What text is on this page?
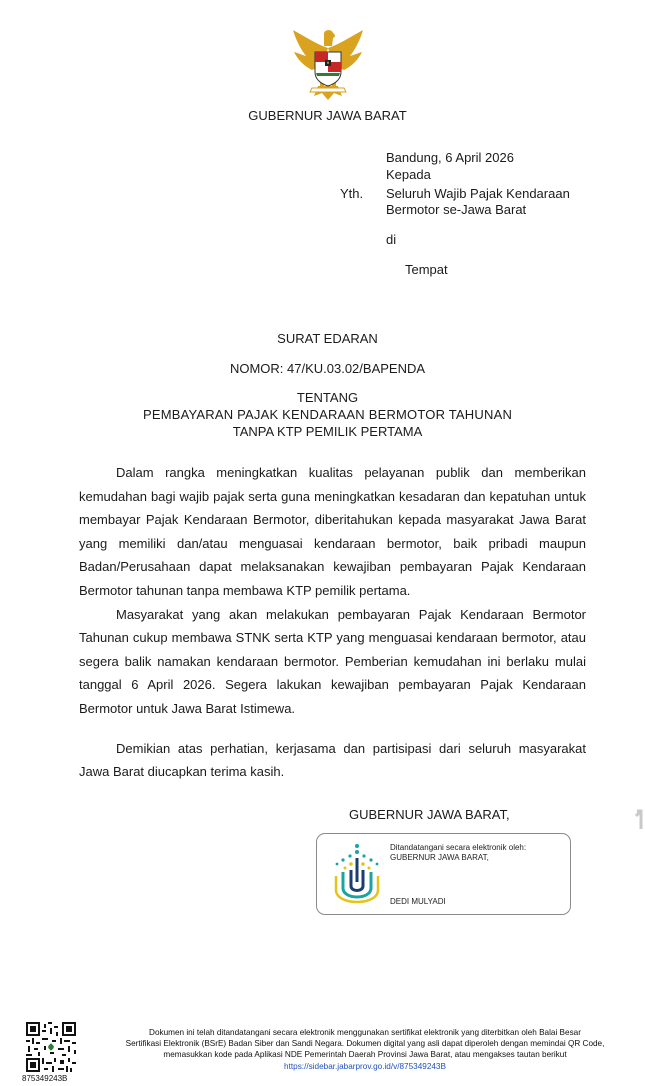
GUBERNUR JAWA BARAT
Bandung, 6 April 2026
Kepada
Yth. Seluruh Wajib Pajak Kendaraan
Bermotor se-Jawa Barat
di
Tempat
SURAT EDARAN
NOMOR: 47/KU.03.02/BAPENDA
TENTANG
PEMBAYARAN PAJAK KENDARAAN BERMOTOR TAHUNAN
TANPA KTP PEMILIK PERTAMA

Dalam rangka meningkatkan kualitas pelayanan publik dan memberikan kemudahan bagi wajib pajak serta guna meningkatkan kesadaran dan kepatuhan untuk membayar Pajak Kendaraan Bermotor, diberitahukan kepada masyarakat Jawa Barat yang memiliki dan/atau menguasai kendaraan bermotor, baik pribadi maupun Badan/Perusahaan dapat melaksanakan kewajiban pembayaran Pajak Kendaraan Bermotor tahunan tanpa membawa KTP pemilik pertama.

Masyarakat yang akan melakukan pembayaran Pajak Kendaraan Bermotor Tahunan cukup membawa STNK serta KTP yang menguasai kendaraan bermotor, atau segera balik namakan kendaraan bermotor. Pemberian kemudahan ini berlaku mulai tanggal 6 April 2026. Segera lakukan kewajiban pembayaran Pajak Kendaraan Bermotor untuk Jawa Barat Istimewa.

Demikian atas perhatian, kerjasama dan partisipasi dari seluruh masyarakat Jawa Barat diucapkan terima kasih.

GUBERNUR JAWA BARAT,
Ditandatangani secara elektronik oleh:
GUBERNUR JAWA BARAT,
DEDI MULYADI
875349243B
Dokumen ini telah ditandatangani secara elektronik menggunakan sertifikat elektronik yang diterbitkan oleh Balai Besar
Sertifikasi Elektronik (BSrE) Badan Siber dan Sandi Negara. Dokumen digital yang asli dapat diperoleh dengan memindai QR Code,
memasukkan kode pada Aplikasi NDE Pemerintah Daerah Provinsi Jawa Barat, atau mengakses tautan berikut
https://sidebar.jabarprov.go.id/v/875349243B
